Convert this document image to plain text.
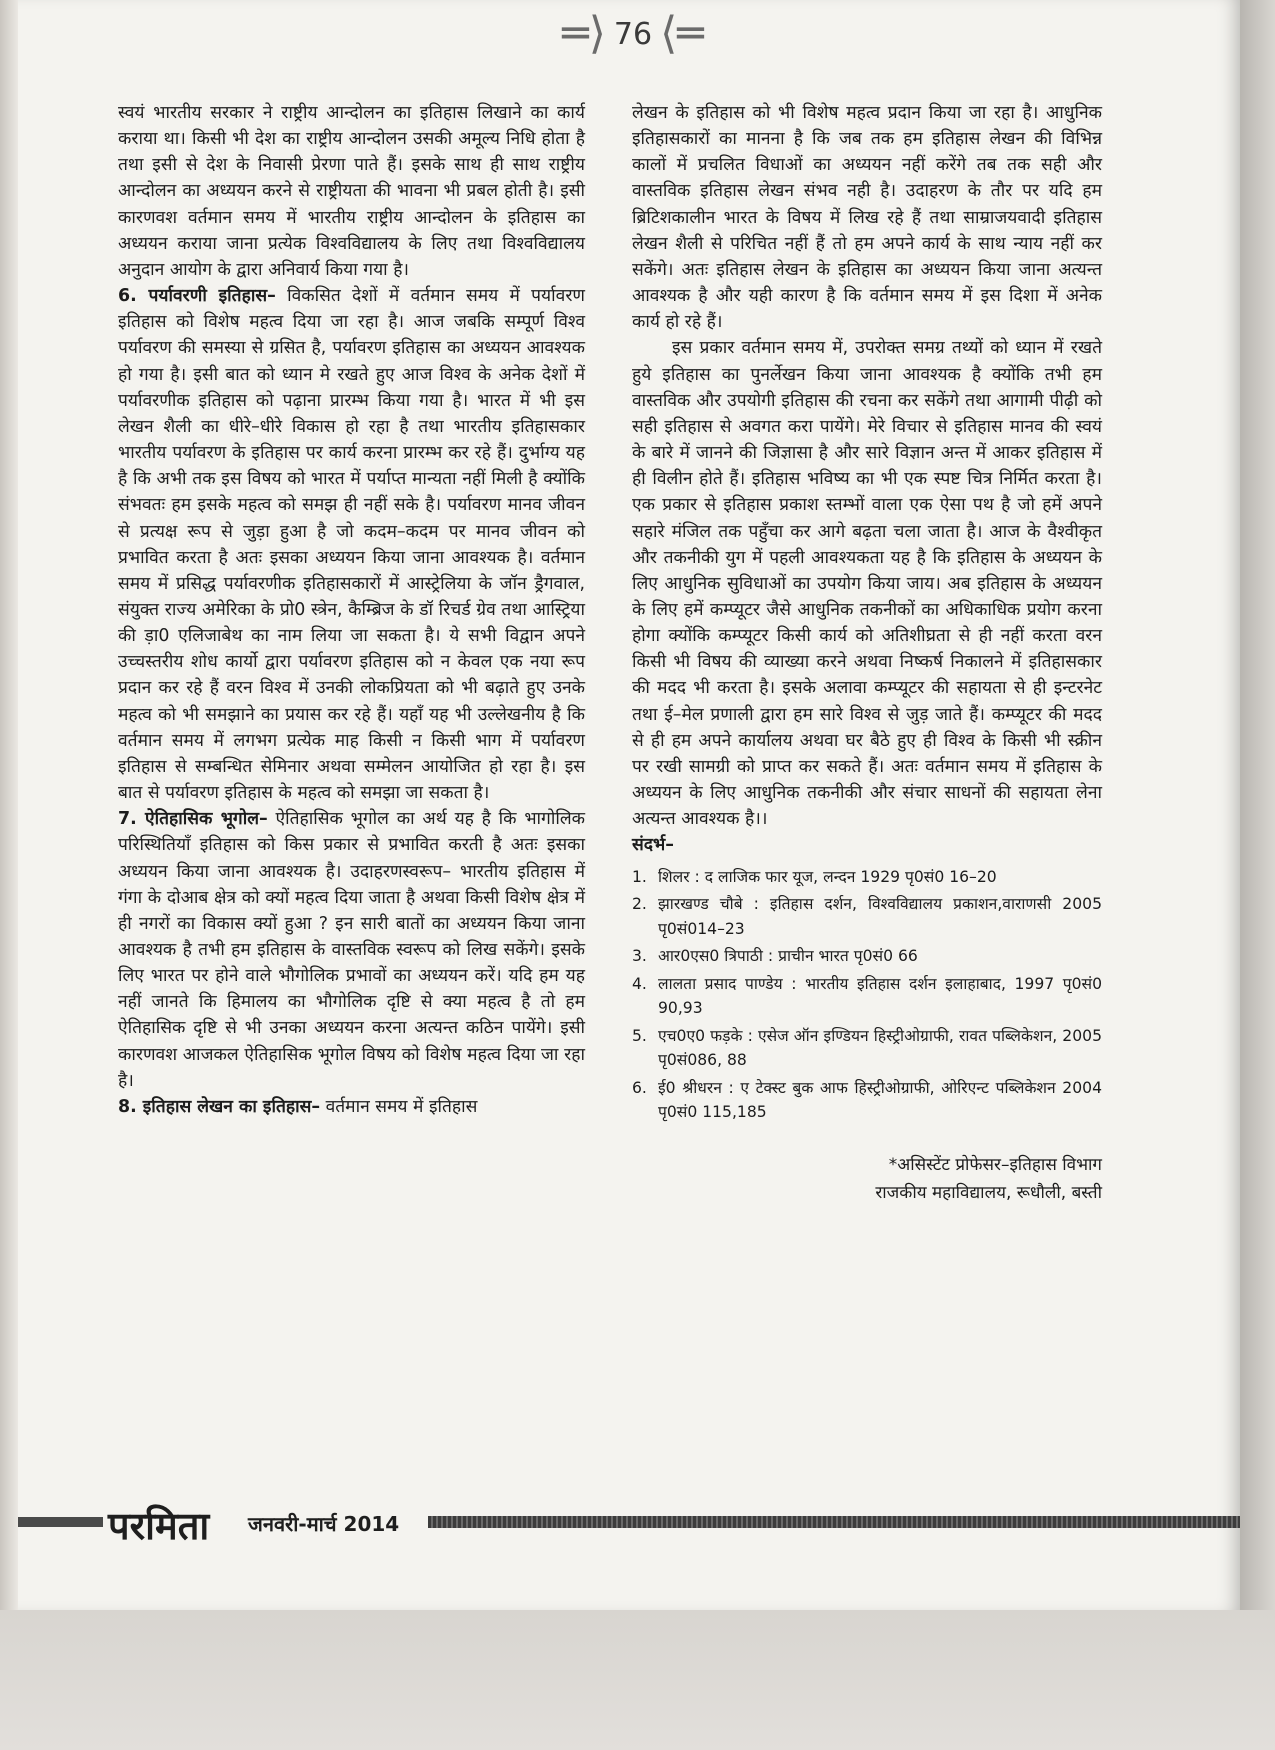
═⟩ 76 ⟨═

स्वयं भारतीय सरकार ने राष्ट्रीय आन्दोलन का इतिहास लिखाने का कार्य कराया था। किसी भी देश का राष्ट्रीय आन्दोलन उसकी अमूल्य निधि होता है तथा इसी से देश के निवासी प्रेरणा पाते हैं। इसके साथ ही साथ राष्ट्रीय आन्दोलन का अध्ययन करने से राष्ट्रीयता की भावना भी प्रबल होती है। इसी कारणवश वर्तमान समय में भारतीय राष्ट्रीय आन्दोलन के इतिहास का अध्ययन कराया जाना प्रत्येक विश्वविद्यालय के लिए तथा विश्वविद्यालय अनुदान आयोग के द्वारा अनिवार्य किया गया है।

6. पर्यावरणी इतिहास– विकसित देशों में वर्तमान समय में पर्यावरण इतिहास को विशेष महत्व दिया जा रहा है। आज जबकि सम्पूर्ण विश्व पर्यावरण की समस्या से ग्रसित है, पर्यावरण इतिहास का अध्ययन आवश्यक हो गया है। इसी बात को ध्यान मे रखते हुए आज विश्व के अनेक देशों में पर्यावरणीक इतिहास को पढ़ाना प्रारम्भ किया गया है। भारत में भी इस लेखन शैली का धीरे–धीरे विकास हो रहा है तथा भारतीय इतिहासकार भारतीय पर्यावरण के इतिहास पर कार्य करना प्रारम्भ कर रहे हैं। दुर्भाग्य यह है कि अभी तक इस विषय को भारत में पर्याप्त मान्यता नहीं मिली है क्योंकि संभवतः हम इसके महत्व को समझ ही नहीं सके है। पर्यावरण मानव जीवन से प्रत्यक्ष रूप से जुड़ा हुआ है जो कदम–कदम पर मानव जीवन को प्रभावित करता है अतः इसका अध्ययन किया जाना आवश्यक है। वर्तमान समय में प्रसिद्ध पर्यावरणीक इतिहासकारों में आस्ट्रेलिया के जॉन ड्रैगवाल, संयुक्त राज्य अमेरिका के प्रो0 स्त्रेन, कैम्ब्रिज के डॉ रिचर्ड ग्रेव तथा आस्ट्रिया की ड़ा0 एलिजाबेथ का नाम लिया जा सकता है। ये सभी विद्वान अपने उच्चस्तरीय शोध कार्यो द्वारा पर्यावरण इतिहास को न केवल एक नया रूप प्रदान कर रहे हैं वरन विश्व में उनकी लोकप्रियता को भी बढ़ाते हुए उनके महत्व को भी समझाने का प्रयास कर रहे हैं। यहाँ यह भी उल्लेखनीय है कि वर्तमान समय में लगभग प्रत्येक माह किसी न किसी भाग में पर्यावरण इतिहास से सम्बन्धित सेमिनार अथवा सम्मेलन आयोजित हो रहा है। इस बात से पर्यावरण इतिहास के महत्व को समझा जा सकता है।

7. ऐतिहासिक भूगोल– ऐतिहासिक भूगोल का अर्थ यह है कि भागोलिक परिस्थितियाँ इतिहास को किस प्रकार से प्रभावित करती है अतः इसका अध्ययन किया जाना आवश्यक है। उदाहरणस्वरूप– भारतीय इतिहास में गंगा के दोआब क्षेत्र को क्यों महत्व दिया जाता है अथवा किसी विशेष क्षेत्र में ही नगरों का विकास क्यों हुआ ? इन सारी बातों का अध्ययन किया जाना आवश्यक है तभी हम इतिहास के वास्तविक स्वरूप को लिख सकेंगे। इसके लिए भारत पर होने वाले भौगोलिक प्रभावों का अध्ययन करें। यदि हम यह नहीं जानते कि हिमालय का भौगोलिक दृष्टि से क्या महत्व है तो हम ऐतिहासिक दृष्टि से भी उनका अध्ययन करना अत्यन्त कठिन पायेंगे। इसी कारणवश आजकल ऐतिहासिक भूगोल विषय को विशेष महत्व दिया जा रहा है।

8. इतिहास लेखन का इतिहास– वर्तमान समय में इतिहास

लेखन के इतिहास को भी विशेष महत्व प्रदान किया जा रहा है। आधुनिक इतिहासकारों का मानना है कि जब तक हम इतिहास लेखन की विभिन्न कालों में प्रचलित विधाओं का अध्ययन नहीं करेंगे तब तक सही और वास्तविक इतिहास लेखन संभव नही है। उदाहरण के तौर पर यदि हम ब्रिटिशकालीन भारत के विषय में लिख रहे हैं तथा साम्राजयवादी इतिहास लेखन शैली से परिचित नहीं हैं तो हम अपने कार्य के साथ न्याय नहीं कर सकेंगे। अतः इतिहास लेखन के इतिहास का अध्ययन किया जाना अत्यन्त आवश्यक है और यही कारण है कि वर्तमान समय में इस दिशा में अनेक कार्य हो रहे हैं।

इस प्रकार वर्तमान समय में, उपरोक्त समग्र तथ्यों को ध्यान में रखते हुये इतिहास का पुनर्लेखन किया जाना आवश्यक है क्योंकि तभी हम वास्तविक और उपयोगी इतिहास की रचना कर सकेंगे तथा आगामी पीढ़ी को सही इतिहास से अवगत करा पायेंगे। मेरे विचार से इतिहास मानव की स्वयं के बारे में जानने की जिज्ञासा है और सारे विज्ञान अन्त में आकर इतिहास में ही विलीन होते हैं। इतिहास भविष्य का भी एक स्पष्ट चित्र निर्मित करता है। एक प्रकार से इतिहास प्रकाश स्तम्भों वाला एक ऐसा पथ है जो हमें अपने सहारे मंजिल तक पहुँचा कर आगे बढ़ता चला जाता है। आज के वैश्वीकृत और तकनीकी युग में पहली आवश्यकता यह है कि इतिहास के अध्ययन के लिए आधुनिक सुविधाओं का उपयोग किया जाय। अब इतिहास के अध्ययन के लिए हमें कम्प्यूटर जैसे आधुनिक तकनीकों का अधिकाधिक प्रयोग करना होगा क्योंकि कम्प्यूटर किसी कार्य को अतिशीघ्रता से ही नहीं करता वरन किसी भी विषय की व्याख्या करने अथवा निष्कर्ष निकालने में इतिहासकार की मदद भी करता है। इसके अलावा कम्प्यूटर की सहायता से ही इन्टरनेट तथा ई–मेल प्रणाली द्वारा हम सारे विश्व से जुड़ जाते हैं। कम्प्यूटर की मदद से ही हम अपने कार्यालय अथवा घर बैठे हुए ही विश्व के किसी भी स्क्रीन पर रखी सामग्री को प्राप्त कर सकते हैं। अतः वर्तमान समय में इतिहास के अध्ययन के लिए आधुनिक तकनीकी और संचार साधनों की सहायता लेना अत्यन्त आवश्यक है।।

संदर्भ–

1. शिलर : द लाजिक फार यूज, लन्दन 1929 पृ0सं0 16–20
2. झारखण्ड चौबे : इतिहास दर्शन, विश्वविद्यालय प्रकाशन,वाराणसी 2005 पृ0सं014–23
3. आर0एस0 त्रिपाठी : प्राचीन भारत पृ0सं0 66
4. लालता प्रसाद पाण्डेय : भारतीय इतिहास दर्शन इलाहाबाद, 1997 पृ0सं0 90,93
5. एच0ए0 फड़के : एसेज ऑन इण्डियन हिस्ट्रीओग्राफी, रावत पब्लिकेशन, 2005 पृ0सं086, 88
6. ई0 श्रीधरन : ए टेक्स्ट बुक आफ हिस्ट्रीओग्राफी, ओरिएन्ट पब्लिकेशन 2004 पृ0सं0 115,185
*असिस्टेंट प्रोफेसर–इतिहास विभाग
राजकीय महाविद्यालय, रूधौली, बस्ती
परमिता जनवरी-मार्च 2014
